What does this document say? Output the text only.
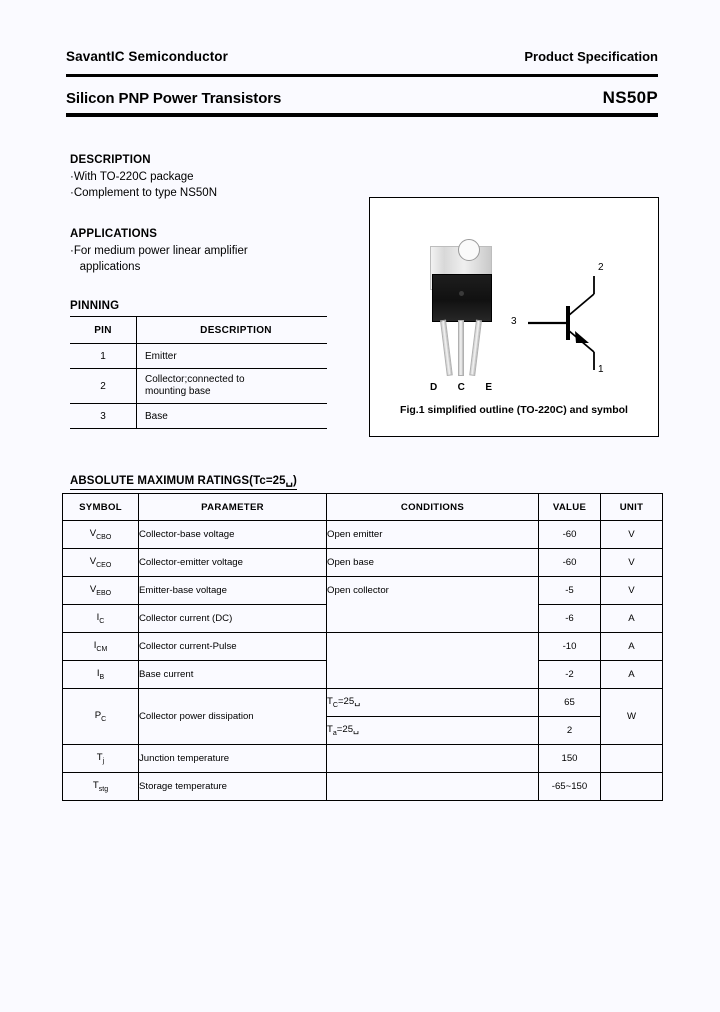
SavantIC Semiconductor	Product Specification
Silicon PNP Power Transistors	NS50P
DESCRIPTION
·With TO-220C package
·Complement to type NS50N
APPLICATIONS
·For medium power linear amplifier
applications
PINNING
PIN	DESCRIPTION
1	Emitter
2	Collector;connected to
mounting base

3	Base
D C E
2
3
1
Fig.1 simplified outline (TO-220C) and symbol
ABSOLUTE MAXIMUM RATINGS(Tc=25␣)
SYMBOL	PARAMETER	CONDITIONS	VALUE	UNIT
$V_{CBO}$	Collector-base voltage	Open emitter	-60	V
$V_{CEO}$	Collector-emitter voltage	Open base	-60	V
$V_{EBO}$	Emitter-base voltage	Open collector	-5	V
$I_C$	Collector current (DC)		-6	A
$I_{CM}$	Collector current-Pulse		-10	A
$I_B$	Base current		-2	A
$P_C$	Collector power dissipation	$T_C=25␣$	65	W
		$T_a=25␣$	2	
$T_j$	Junction temperature		150	
$T_{stg}$	Storage temperature		-65~150	
